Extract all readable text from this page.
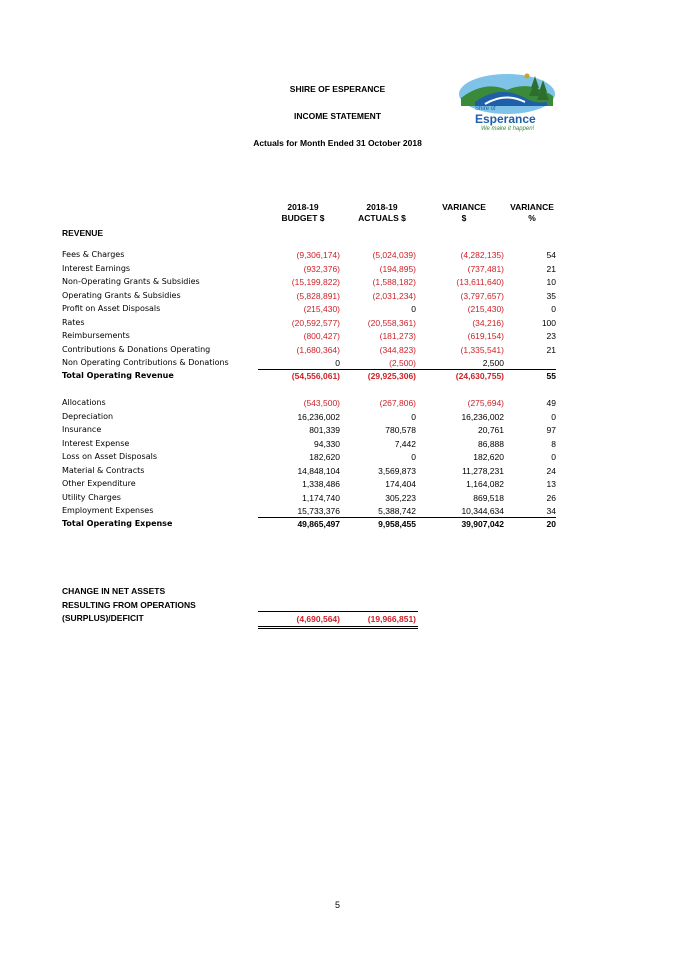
SHIRE OF ESPERANCE
INCOME STATEMENT
Actuals for Month Ended 31 October 2018
Shire of
Esperance
We make it happen!
2018-19
BUDGET $
2018-19
ACTUALS $
VARIANCE
$
VARIANCE
%
REVENUE
Fees & Charges	(9,306,174)	(5,024,039)	(4,282,135)	54
Interest Earnings	(932,376)	(194,895)	(737,481)	21
Non-Operating Grants & Subsidies	(15,199,822)	(1,588,182)	(13,611,640)	10
Operating Grants & Subsidies	(5,828,891)	(2,031,234)	(3,797,657)	35
Profit on Asset Disposals	(215,430)	0	(215,430)	0
Rates	(20,592,577)	(20,558,361)	(34,216)	100
Reimbursements	(800,427)	(181,273)	(619,154)	23
Contributions & Donations Operating	(1,680,364)	(344,823)	(1,335,541)	21
Non Operating Contributions & Donations	0	(2,500)	2,500
Total Operating Revenue	(54,556,061)	(29,925,306)	(24,630,755)	55
Allocations	(543,500)	(267,806)	(275,694)	49
Depreciation	16,236,002	0	16,236,002	0
Insurance	801,339	780,578	20,761	97
Interest Expense	94,330	7,442	86,888	8
Loss on Asset Disposals	182,620	0	182,620	0
Material & Contracts	14,848,104	3,569,873	11,278,231	24
Other Expenditure	1,338,486	174,404	1,164,082	13
Utility Charges	1,174,740	305,223	869,518	26
Employment Expenses	15,733,376	5,388,742	10,344,634	34
Total Operating Expense	49,865,497	9,958,455	39,907,042	20
CHANGE IN NET ASSETS
RESULTING FROM OPERATIONS
(SURPLUS)/DEFICIT	(4,690,564)	(19,966,851)
5
